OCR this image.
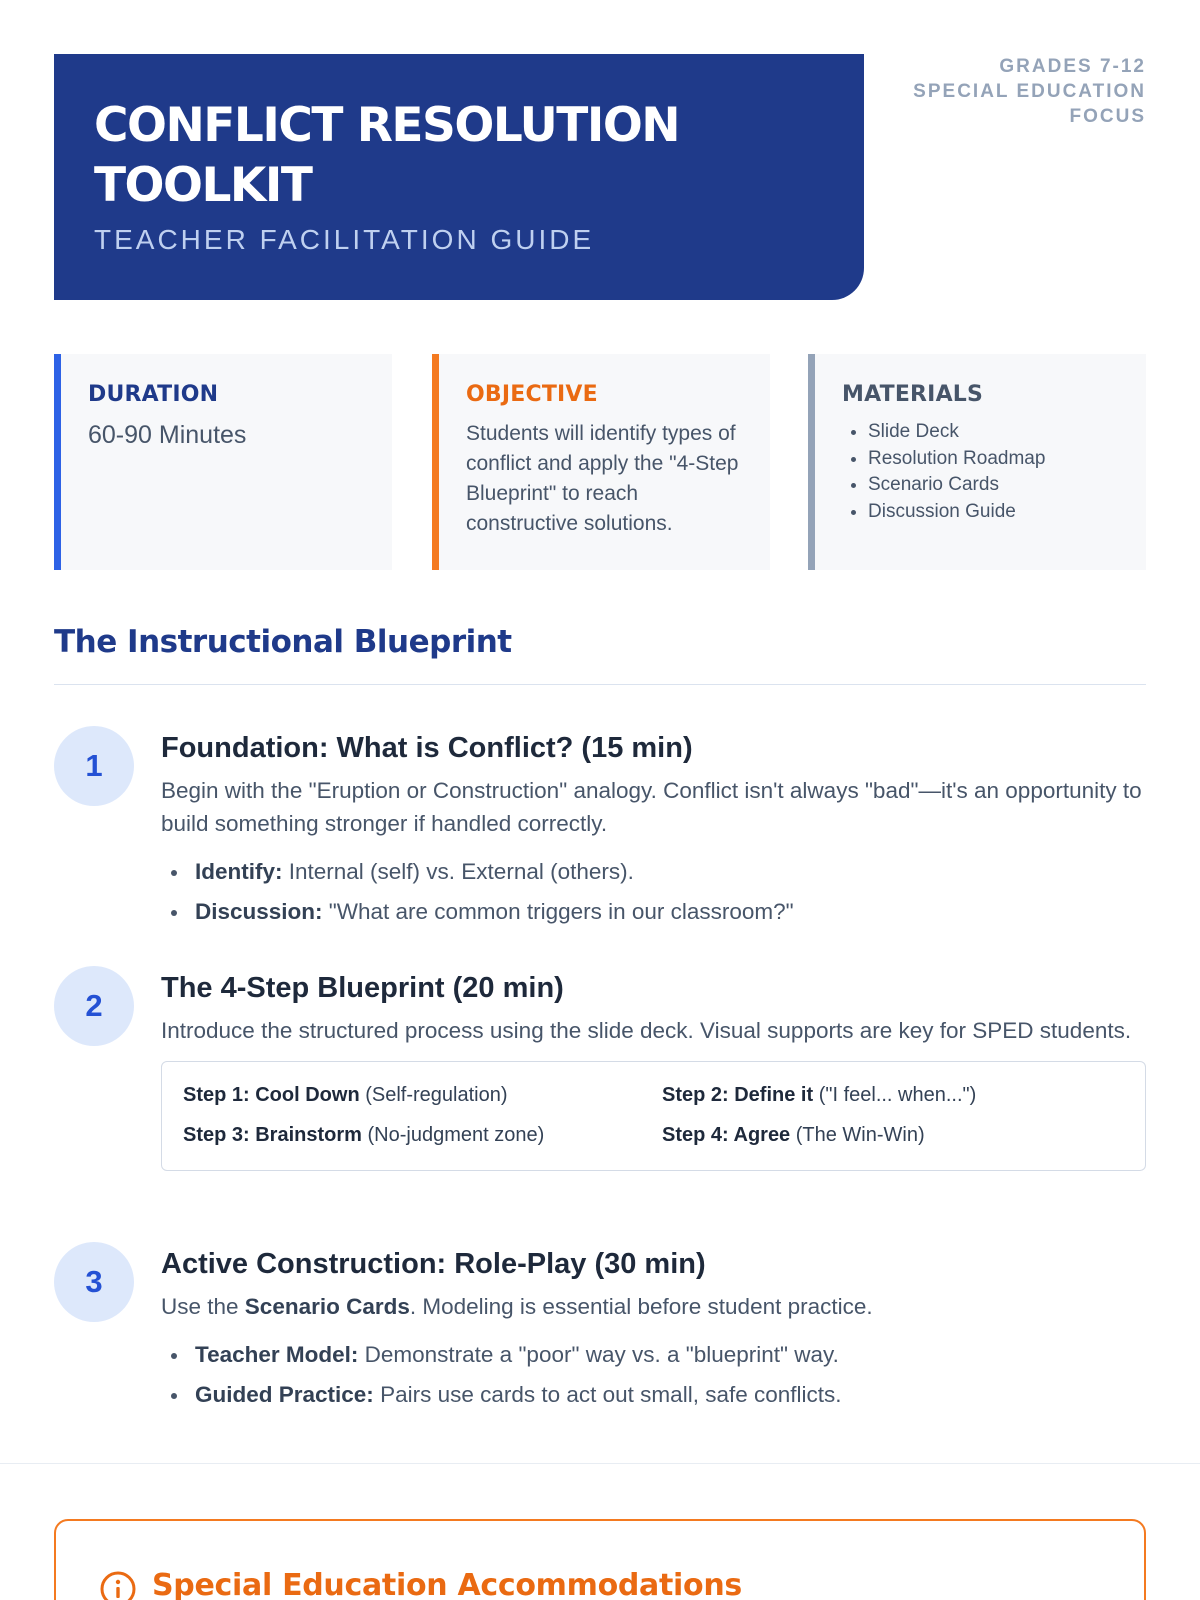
CONFLICT RESOLUTION TOOLKIT
TEACHER FACILITATION GUIDE
GRADES 7-12
SPECIAL EDUCATION
FOCUS
DURATION
60-90 Minutes
OBJECTIVE
Students will identify types of conflict and apply the "4-Step Blueprint" to reach constructive solutions.
MATERIALS
• Slide Deck
• Resolution Roadmap
• Scenario Cards
• Discussion Guide
The Instructional Blueprint
1	Foundation: What is Conflict? (15 min)

Begin with the "Eruption or Construction" analogy. Conflict isn't always "bad"—it's an opportunity to build something stronger if handled correctly.

Identify: Internal (self) vs. External (others).
Discussion: "What are common triggers in our classroom?"
2	The 4-Step Blueprint (20 min)

Introduce the structured process using the slide deck. Visual supports are key for SPED students.

Step 1: Cool Down (Self-regulation)	Step 2: Define it ("I feel... when...")
Step 3: Brainstorm (No-judgment zone)	Step 4: Agree (The Win-Win)
3	Active Construction: Role-Play (30 min)

Use the Scenario Cards. Modeling is essential before student practice.

Teacher Model: Demonstrate a "poor" way vs. a "blueprint" way.
Guided Practice: Pairs use cards to act out small, safe conflicts.
Special Education Accommodations
